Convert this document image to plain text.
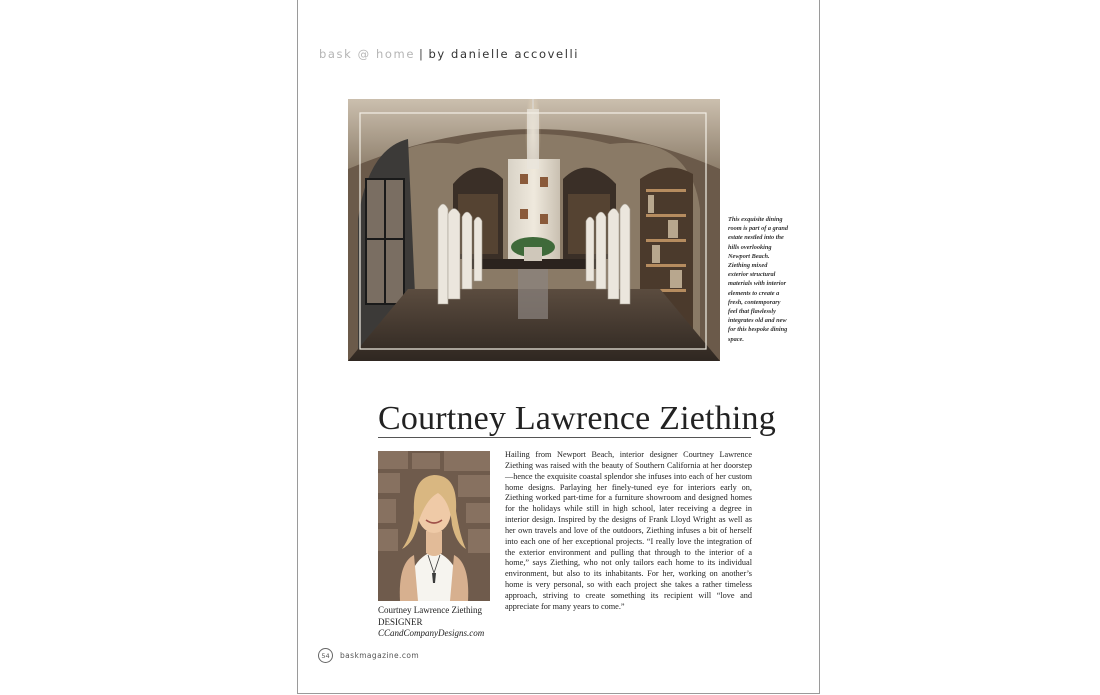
bask @ home | by danielle accovelli
This exquisite dining room is part of a grand estate nestled into the hills overlooking Newport Beach. Ziething mixed exterior structural materials with interior elements to create a fresh, contemporary feel that flawlessly integrates old and new for this bespoke dining space.
Courtney Lawrence Ziething
Hailing from Newport Beach, interior designer Courtney Lawrence Ziething was raised with the beauty of Southern California at her doorstep—hence the exquisite coastal splendor she infuses into each of her custom home designs. Parlaying her finely-tuned eye for interiors early on, Ziething worked part-time for a furniture showroom and designed homes for the holidays while still in high school, later receiving a degree in interior design. Inspired by the designs of Frank Lloyd Wright as well as her own travels and love of the outdoors, Ziething infuses a bit of herself into each one of her exceptional projects. “I really love the integration of the exterior environment and pulling that through to the interior of a home,” says Ziething, who not only tailors each home to its individual environment, but also to its inhabitants. For her, working on another’s home is very personal, so with each project she takes a rather timeless approach, striving to create something its recipient will “love and appreciate for many years to come.”
Courtney Lawrence Ziething
DESIGNER
CCandCompanyDesigns.com
54	baskmagazine.com
